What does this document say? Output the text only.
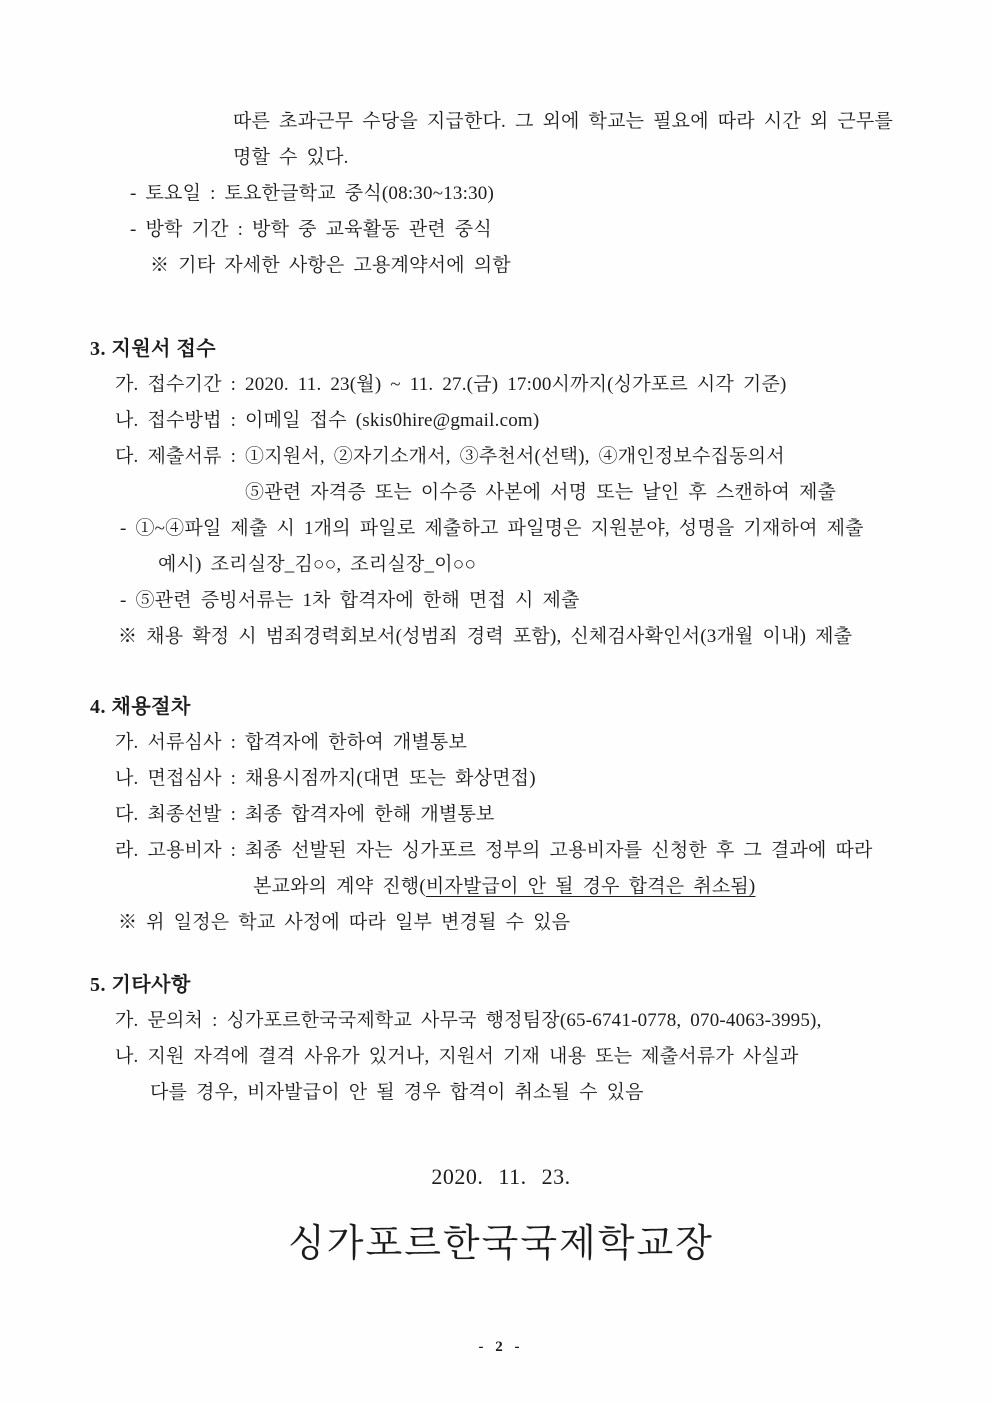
따른 초과근무 수당을 지급한다. 그 외에 학교는 필요에 따라 시간 외 근무를
명할 수 있다.
- 토요일 : 토요한글학교 중식(08:30~13:30)
- 방학 기간 : 방학 중 교육활동 관련 중식
※ 기타 자세한 사항은 고용계약서에 의함
3. 지원서 접수
가. 접수기간 : 2020. 11. 23(월) ~ 11. 27.(금) 17:00시까지(싱가포르 시각 기준)
나. 접수방법 : 이메일 접수 (skis0hire@gmail.com)
다. 제출서류 : ①지원서, ②자기소개서, ③추천서(선택), ④개인정보수집동의서
⑤관련 자격증 또는 이수증 사본에 서명 또는 날인 후 스캔하여 제출
- ①~④파일 제출 시 1개의 파일로 제출하고 파일명은 지원분야, 성명을 기재하여 제출
예시) 조리실장_김○○, 조리실장_이○○
- ⑤관련 증빙서류는 1차 합격자에 한해 면접 시 제출
※ 채용 확정 시 범죄경력회보서(성범죄 경력 포함), 신체검사확인서(3개월 이내) 제출
4. 채용절차
가. 서류심사 : 합격자에 한하여 개별통보
나. 면접심사 : 채용시점까지(대면 또는 화상면접)
다. 최종선발 : 최종 합격자에 한해 개별통보
라. 고용비자 : 최종 선발된 자는 싱가포르 정부의 고용비자를 신청한 후 그 결과에 따라
본교와의 계약 진행(비자발급이 안 될 경우 합격은 취소됨)
※ 위 일정은 학교 사정에 따라 일부 변경될 수 있음
5. 기타사항
가. 문의처 : 싱가포르한국국제학교 사무국 행정팀장(65-6741-0778, 070-4063-3995),
나. 지원 자격에 결격 사유가 있거나, 지원서 기재 내용 또는 제출서류가 사실과
다를 경우, 비자발급이 안 될 경우 합격이 취소될 수 있음
2020. 11. 23.
싱가포르한국국제학교장
- 2 -
